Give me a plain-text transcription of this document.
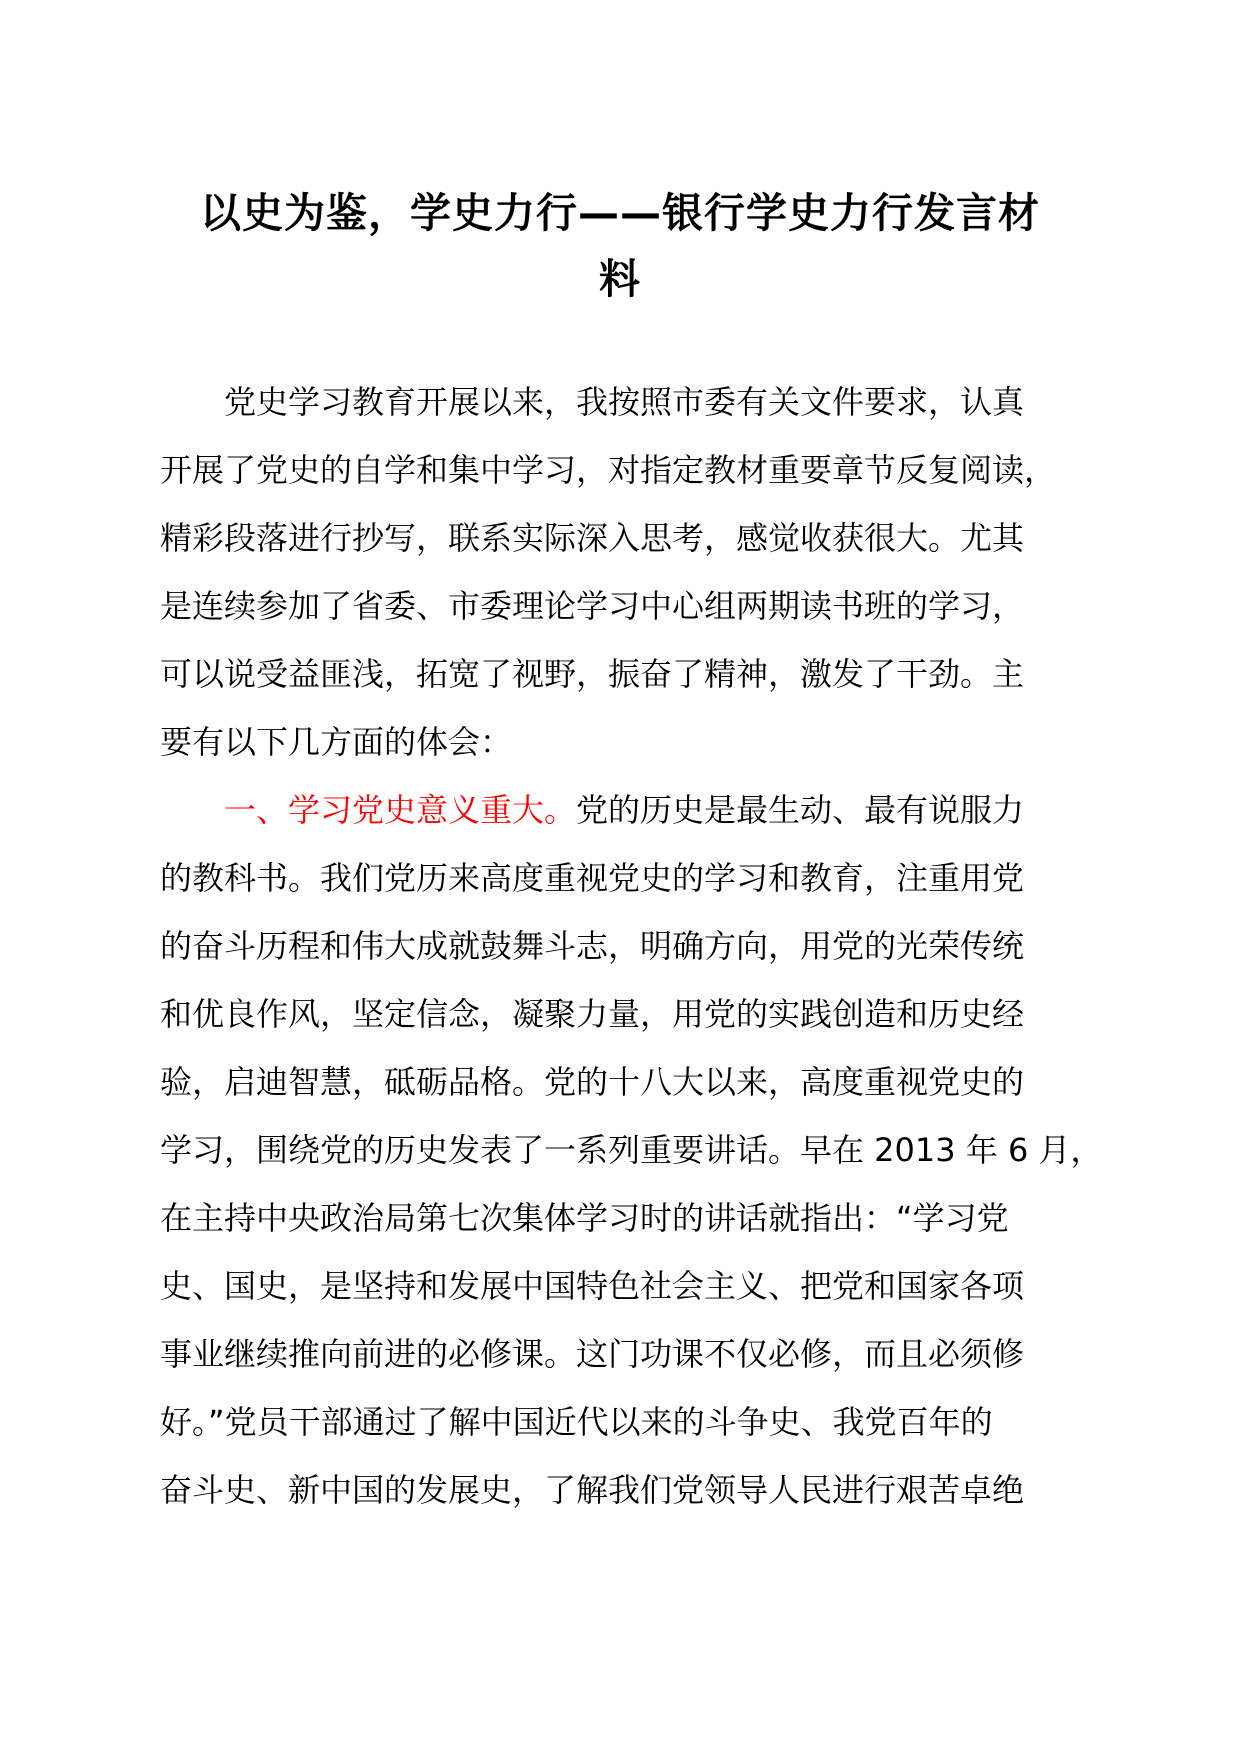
以史为鉴，学史力行——银行学史力行发言材
料
党史学习教育开展以来，我按照市委有关文件要求，认真
开展了党史的自学和集中学习，对指定教材重要章节反复阅读，
精彩段落进行抄写，联系实际深入思考，感觉收获很大。尤其
是连续参加了省委、市委理论学习中心组两期读书班的学习，
可以说受益匪浅，拓宽了视野，振奋了精神，激发了干劲。主
要有以下几方面的体会：
一、学习党史意义重大。党的历史是最生动、最有说服力
的教科书。我们党历来高度重视党史的学习和教育，注重用党
的奋斗历程和伟大成就鼓舞斗志，明确方向，用党的光荣传统
和优良作风，坚定信念，凝聚力量，用党的实践创造和历史经
验，启迪智慧，砥砺品格。党的十八大以来，高度重视党史的
学习，围绕党的历史发表了一系列重要讲话。早在 2013 年 6 月，
在主持中央政治局第七次集体学习时的讲话就指出：“学习党
史、国史，是坚持和发展中国特色社会主义、把党和国家各项
事业继续推向前进的必修课。这门功课不仅必修，而且必须修
好。”党员干部通过了解中国近代以来的斗争史、我党百年的
奋斗史、新中国的发展史，了解我们党领导人民进行艰苦卓绝
